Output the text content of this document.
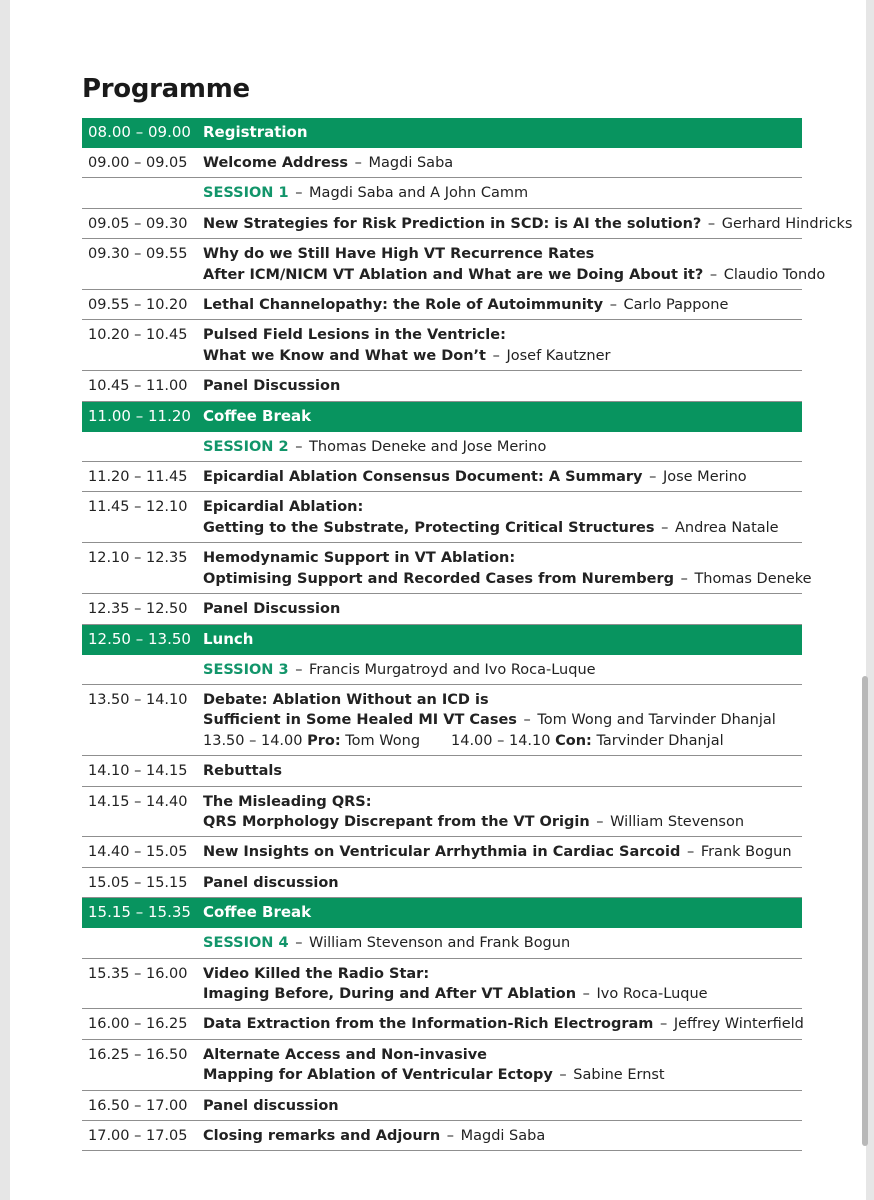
Programme
08.00 – 09.00 Registration
09.00 – 09.05	Welcome Address – Magdi Saba
SESSION 1 – Magdi Saba and A John Camm
09.05 – 09.30	New Strategies for Risk Prediction in SCD: is AI the solution? – Gerhard Hindricks
09.30 – 09.55	Why do we Still Have High VT Recurrence Rates
After ICM/NICM VT Ablation and What are we Doing About it? – Claudio Tondo
09.55 – 10.20	Lethal Channelopathy: the Role of Autoimmunity – Carlo Pappone
10.20 – 10.45	Pulsed Field Lesions in the Ventricle:
What we Know and What we Don’t – Josef Kautzner
10.45 – 11.00	Panel Discussion
11.00 – 11.20 Coffee Break
SESSION 2 – Thomas Deneke and Jose Merino
11.20 – 11.45	Epicardial Ablation Consensus Document: A Summary – Jose Merino
11.45 – 12.10	Epicardial Ablation:
Getting to the Substrate, Protecting Critical Structures – Andrea Natale
12.10 – 12.35	Hemodynamic Support in VT Ablation:
Optimising Support and Recorded Cases from Nuremberg – Thomas Deneke
12.35 – 12.50	Panel Discussion
12.50 – 13.50 Lunch
SESSION 3 – Francis Murgatroyd and Ivo Roca-Luque
13.50 – 14.10	Debate: Ablation Without an ICD is
Sufficient in Some Healed MI VT Cases – Tom Wong and Tarvinder Dhanjal
13.50 – 14.00 Pro: Tom Wong	14.00 – 14.10 Con: Tarvinder Dhanjal
14.10 – 14.15	Rebuttals
14.15 – 14.40	The Misleading QRS:
QRS Morphology Discrepant from the VT Origin – William Stevenson
14.40 – 15.05	New Insights on Ventricular Arrhythmia in Cardiac Sarcoid – Frank Bogun
15.05 – 15.15	Panel discussion
15.15 – 15.35 Coffee Break
SESSION 4 – William Stevenson and Frank Bogun
15.35 – 16.00	Video Killed the Radio Star:
Imaging Before, During and After VT Ablation – Ivo Roca-Luque
16.00 – 16.25	Data Extraction from the Information-Rich Electrogram – Jeffrey Winterfield
16.25 – 16.50	Alternate Access and Non-invasive
Mapping for Ablation of Ventricular Ectopy – Sabine Ernst
16.50 – 17.00	Panel discussion
17.00 – 17.05	Closing remarks and Adjourn – Magdi Saba
